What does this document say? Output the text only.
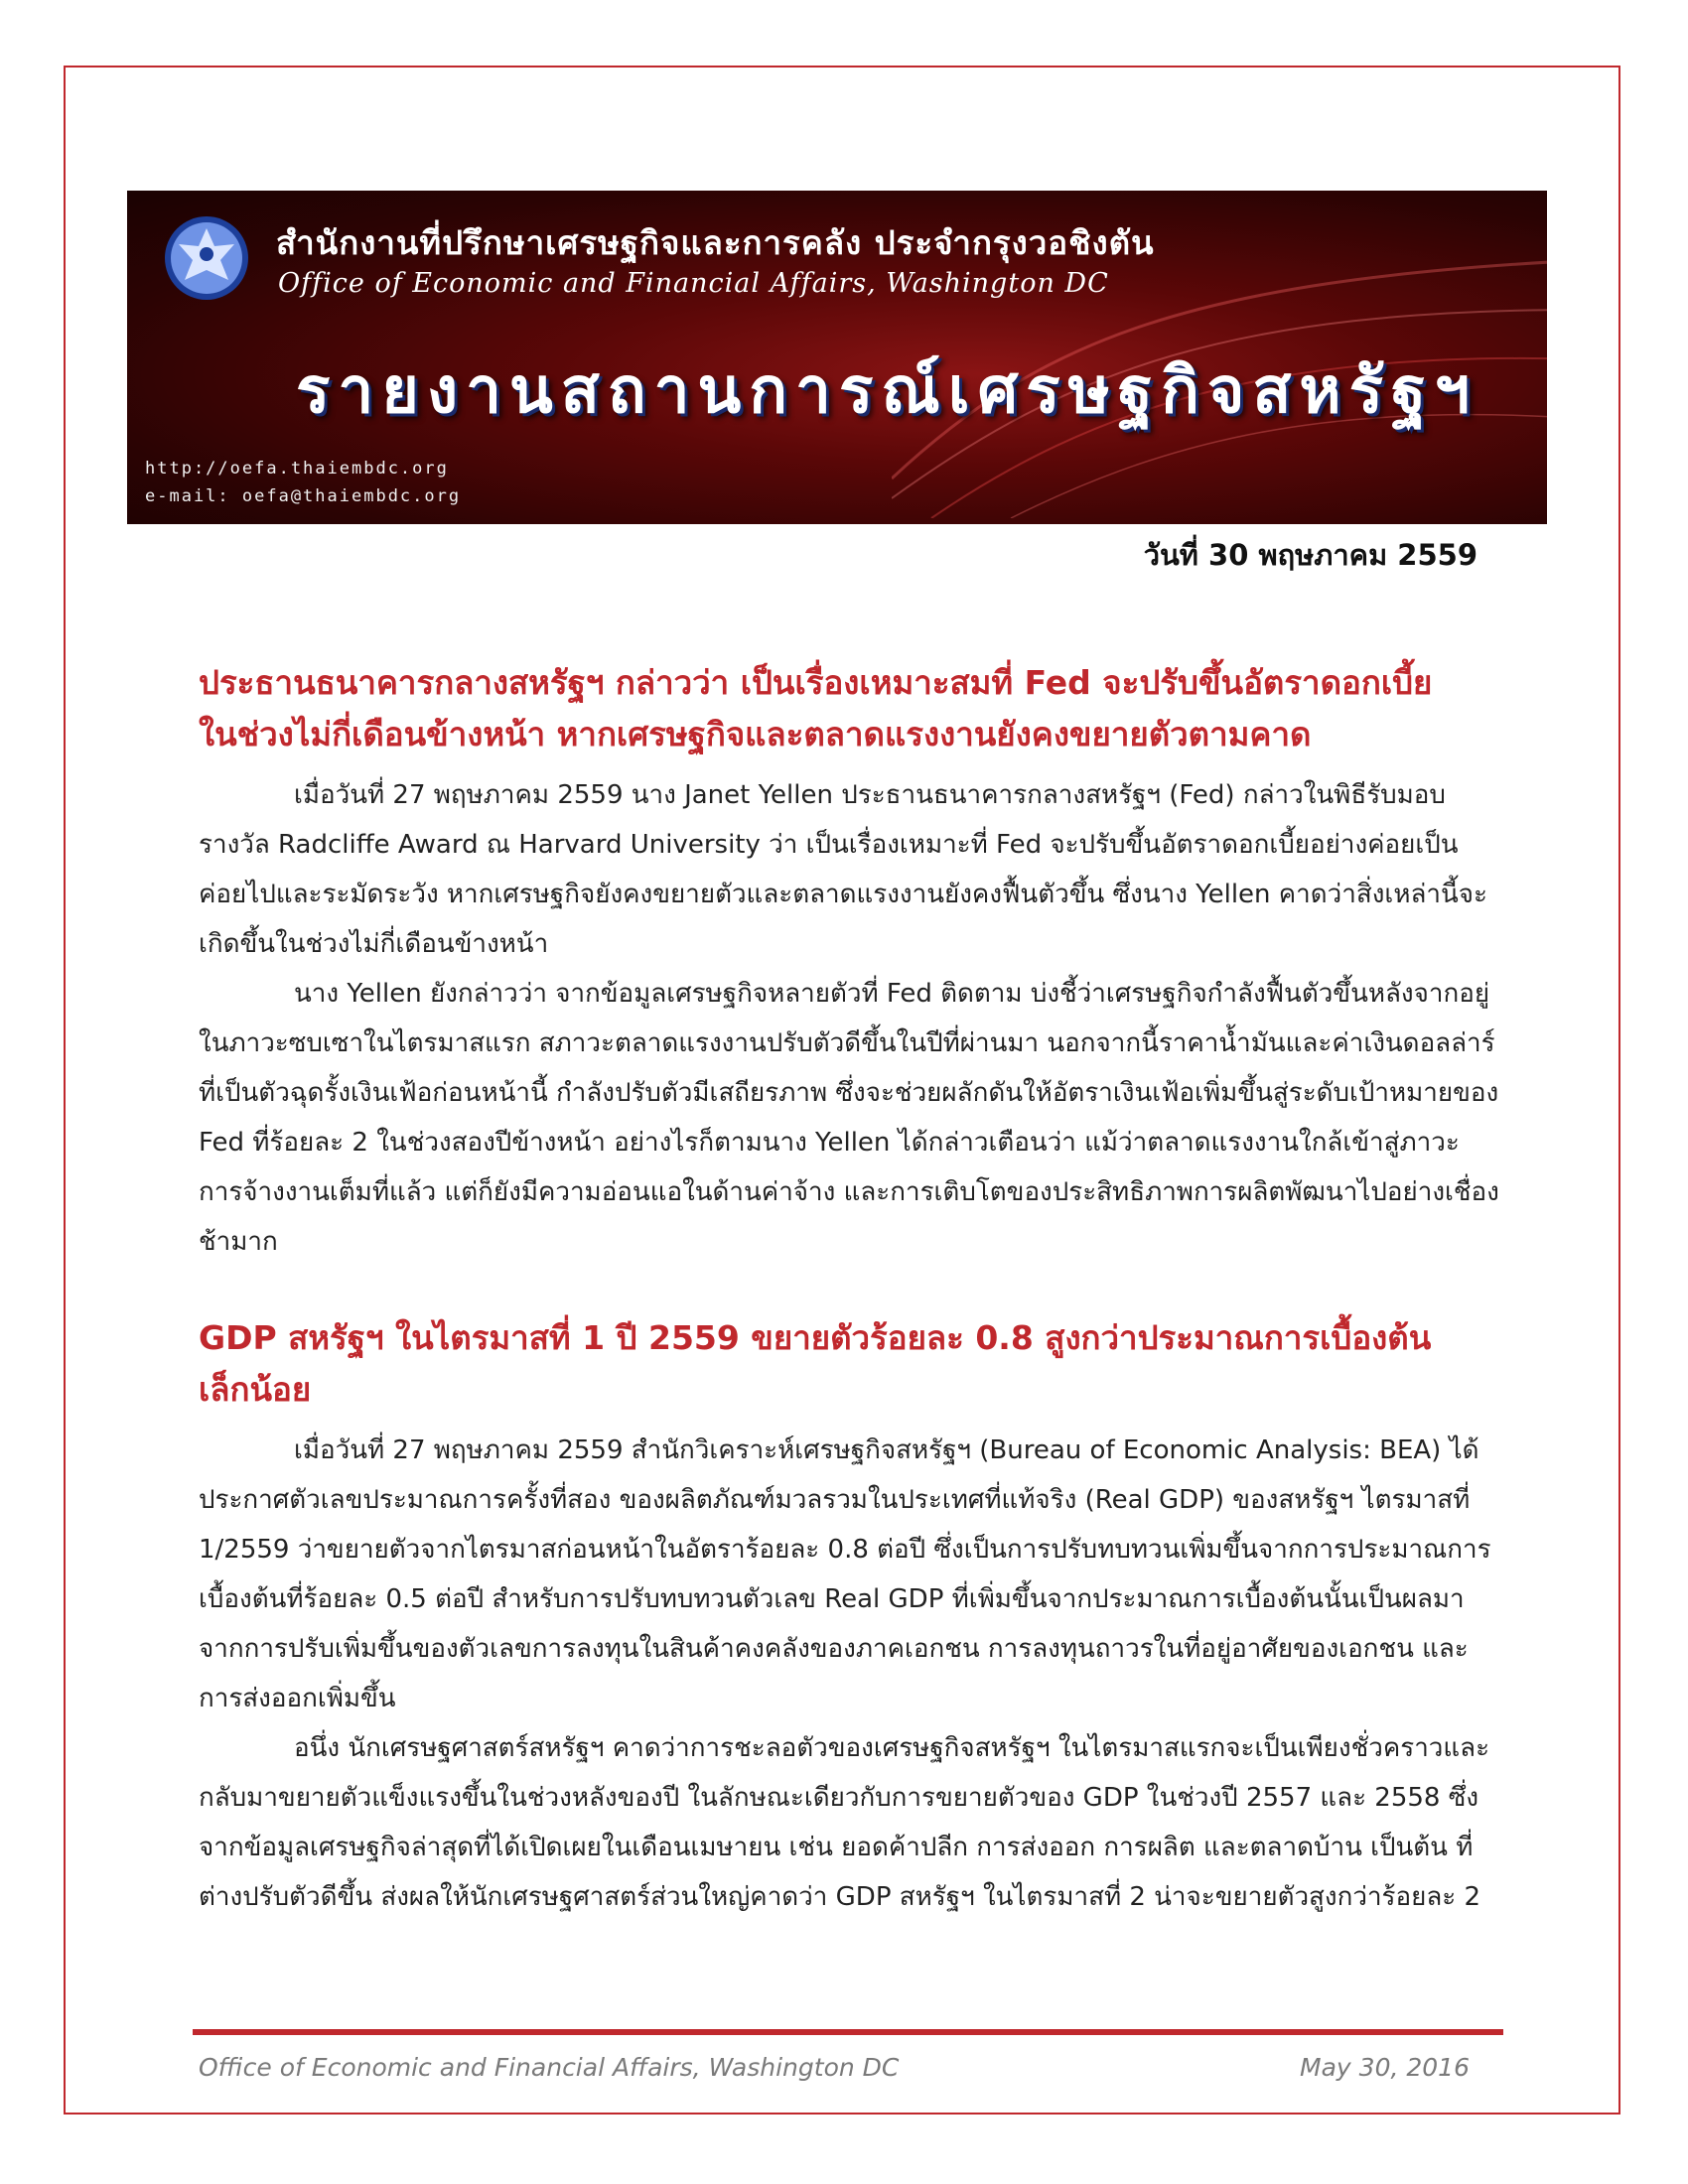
สำนักงานที่ปรึกษาเศรษฐกิจและการคลัง ประจำกรุงวอชิงตัน
Office of Economic and Financial Affairs, Washington DC
รายงานสถานการณ์เศรษฐกิจสหรัฐฯ
http://oefa.thaiembdc.org
e-mail: oefa@thaiembdc.org
วันที่ 30 พฤษภาคม 2559
ประธานธนาคารกลางสหรัฐฯ กล่าวว่า เป็นเรื่องเหมาะสมที่ Fed จะปรับขึ้นอัตราดอกเบี้ย
ในช่วงไม่กี่เดือนข้างหน้า หากเศรษฐกิจและตลาดแรงงานยังคงขยายตัวตามคาด
เมื่อวันที่ 27 พฤษภาคม 2559 นาง Janet Yellen ประธานธนาคารกลางสหรัฐฯ (Fed) กล่าวในพิธีรับมอบรางวัล Radcliffe Award ณ Harvard University ว่า เป็นเรื่องเหมาะที่ Fed จะปรับขึ้นอัตราดอกเบี้ยอย่างค่อยเป็นค่อยไปและระมัดระวัง หากเศรษฐกิจยังคงขยายตัวและตลาดแรงงานยังคงฟื้นตัวขึ้น ซึ่งนาง Yellen คาดว่าสิ่งเหล่านี้จะเกิดขึ้นในช่วงไม่กี่เดือนข้างหน้า
นาง Yellen ยังกล่าวว่า จากข้อมูลเศรษฐกิจหลายตัวที่ Fed ติดตาม บ่งชี้ว่าเศรษฐกิจกำลังฟื้นตัวขึ้นหลังจากอยู่ในภาวะซบเซาในไตรมาสแรก สภาวะตลาดแรงงานปรับตัวดีขึ้นในปีที่ผ่านมา นอกจากนี้ราคาน้ำมันและค่าเงินดอลล่าร์ที่เป็นตัวฉุดรั้งเงินเฟ้อก่อนหน้านี้ กำลังปรับตัวมีเสถียรภาพ ซึ่งจะช่วยผลักดันให้อัตราเงินเฟ้อเพิ่มขึ้นสู่ระดับเป้าหมายของ Fed ที่ร้อยละ 2 ในช่วงสองปีข้างหน้า อย่างไรก็ตามนาง Yellen ได้กล่าวเตือนว่า แม้ว่าตลาดแรงงานใกล้เข้าสู่ภาวะการจ้างงานเต็มที่แล้ว แต่ก็ยังมีความอ่อนแอในด้านค่าจ้าง และการเติบโตของประสิทธิภาพการผลิตพัฒนาไปอย่างเชื่องช้ามาก
GDP สหรัฐฯ ในไตรมาสที่ 1 ปี 2559 ขยายตัวร้อยละ 0.8 สูงกว่าประมาณการเบื้องต้น
เล็กน้อย
เมื่อวันที่ 27 พฤษภาคม 2559 สำนักวิเคราะห์เศรษฐกิจสหรัฐฯ (Bureau of Economic Analysis: BEA) ได้ประกาศตัวเลขประมาณการครั้งที่สอง ของผลิตภัณฑ์มวลรวมในประเทศที่แท้จริง (Real GDP) ของสหรัฐฯ ไตรมาสที่ 1/2559 ว่าขยายตัวจากไตรมาสก่อนหน้าในอัตราร้อยละ 0.8 ต่อปี ซึ่งเป็นการปรับทบทวนเพิ่มขึ้นจากการประมาณการเบื้องต้นที่ร้อยละ 0.5 ต่อปี สำหรับการปรับทบทวนตัวเลข Real GDP ที่เพิ่มขึ้นจากประมาณการเบื้องต้นนั้นเป็นผลมาจากการปรับเพิ่มขึ้นของตัวเลขการลงทุนในสินค้าคงคลังของภาคเอกชน การลงทุนถาวรในที่อยู่อาศัยของเอกชน และการส่งออกเพิ่มขึ้น
อนึ่ง นักเศรษฐศาสตร์สหรัฐฯ คาดว่าการชะลอตัวของเศรษฐกิจสหรัฐฯ ในไตรมาสแรกจะเป็นเพียงชั่วคราวและกลับมาขยายตัวแข็งแรงขึ้นในช่วงหลังของปี ในลักษณะเดียวกับการขยายตัวของ GDP ในช่วงปี 2557 และ 2558 ซึ่งจากข้อมูลเศรษฐกิจล่าสุดที่ได้เปิดเผยในเดือนเมษายน เช่น ยอดค้าปลีก การส่งออก การผลิต และตลาดบ้าน เป็นต้น ที่ต่างปรับตัวดีขึ้น ส่งผลให้นักเศรษฐศาสตร์ส่วนใหญ่คาดว่า GDP สหรัฐฯ ในไตรมาสที่ 2 น่าจะขยายตัวสูงกว่าร้อยละ 2
Office of Economic and Financial Affairs, Washington DC	May 30, 2016
